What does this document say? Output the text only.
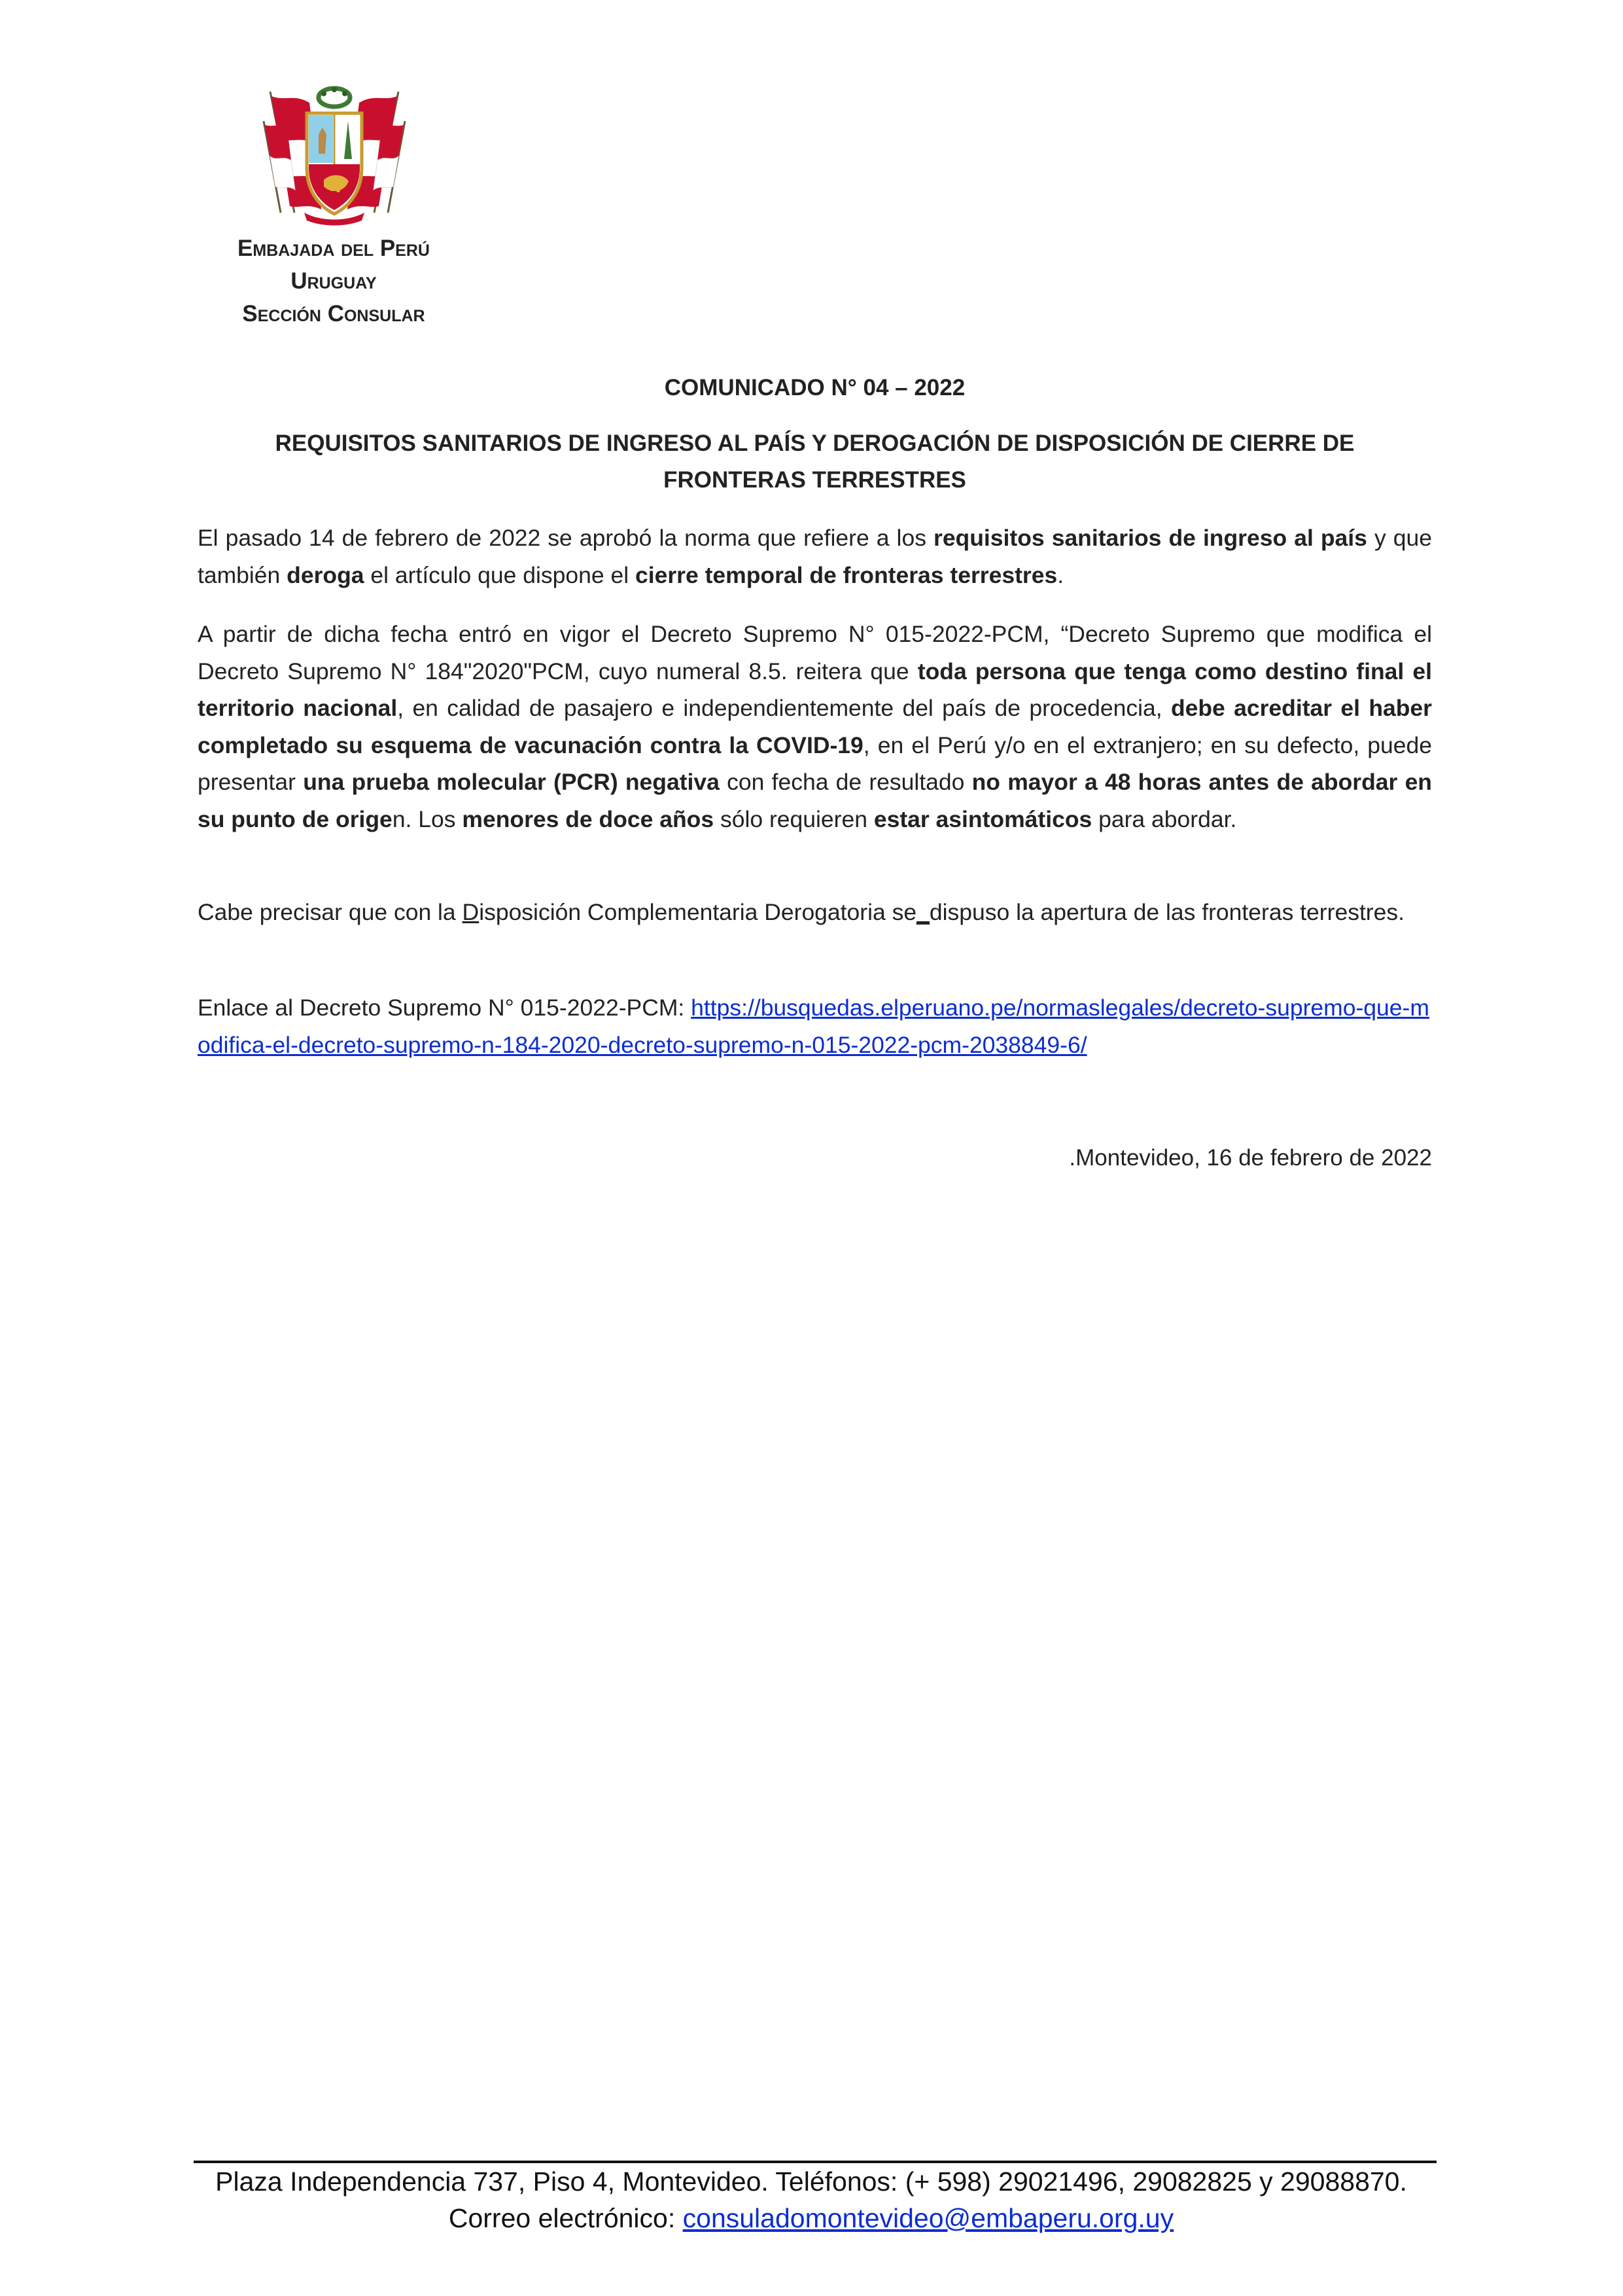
Embajada del Perú
Uruguay
Sección Consular
COMUNICADO N° 04 – 2022
REQUISITOS SANITARIOS DE INGRESO AL PAÍS Y DEROGACIÓN DE DISPOSICIÓN DE CIERRE DE
FRONTERAS TERRESTRES
El pasado 14 de febrero de 2022 se aprobó la norma que refiere a los requisitos sanitarios de ingreso al país y que también deroga el artículo que dispone el cierre temporal de fronteras terrestres.
A partir de dicha fecha entró en vigor el Decreto Supremo N° 015-2022-PCM, “Decreto Supremo que modifica el Decreto Supremo N° 184"2020"PCM, cuyo numeral 8.5. reitera que toda persona que tenga como destino final el territorio nacional, en calidad de pasajero e independientemente del país de procedencia, debe acreditar el haber completado su esquema de vacunación contra la COVID-19, en el Perú y/o en el extranjero; en su defecto, puede presentar una prueba molecular (PCR) negativa con fecha de resultado no mayor a 48 horas antes de abordar en su punto de origen. Los menores de doce años sólo requieren estar asintomáticos para abordar.
Cabe precisar que con la Disposición Complementaria Derogatoria se_dispuso la apertura de las fronteras terrestres.
Enlace al Decreto Supremo N° 015-2022-PCM: https://busquedas.elperuano.pe/normaslegales/decreto-supremo-que-modifica-el-decreto-supremo-n-184-2020-decreto-supremo-n-015-2022-pcm-2038849-6/
.Montevideo, 16 de febrero de 2022
Plaza Independencia 737, Piso 4, Montevideo. Teléfonos: (+ 598) 29021496, 29082825 y 29088870.
Correo electrónico: consuladomontevideo@embaperu.org.uy
